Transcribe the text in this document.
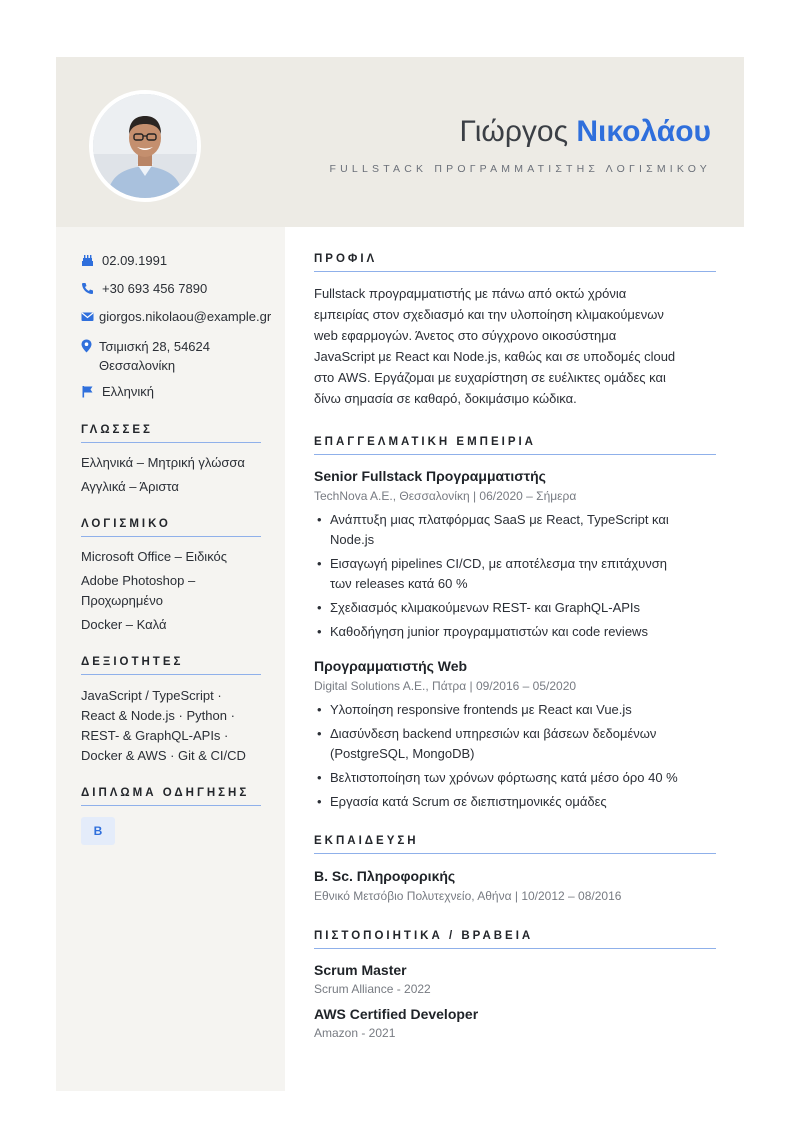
Γιώργος Νικολάου
FULLSTACK ΠΡΟΓΡΑΜΜΑΤΙΣΤΗΣ ΛΟΓΙΣΜΙΚΟΥ
02.09.1991
+30 693 456 7890
giorgos.nikolaou@example.gr
Τσιμισκή 28, 54624
Θεσσαλονίκη
Ελληνική
ΓΛΩΣΣΕΣ
Ελληνικά – Μητρική γλώσσα
Αγγλικά – Άριστα
ΛΟΓΙΣΜΙΚΟ
Microsoft Office – Ειδικός
Adobe Photoshop –
Προχωρημένο
Docker – Καλά
ΔΕΞΙΟΤΗΤΕΣ
JavaScript / TypeScript ·
React & Node.js · Python ·
REST- & GraphQL-APIs ·
Docker & AWS · Git & CI/CD
ΔΙΠΛΩΜΑ ΟΔΗΓΗΣΗΣ
B
ΠΡΟΦΙΛ
Fullstack προγραμματιστής με πάνω από οκτώ χρόνια
εμπειρίας στον σχεδιασμό και την υλοποίηση κλιμακούμενων
web εφαρμογών. Άνετος στο σύγχρονο οικοσύστημα
JavaScript με React και Node.js, καθώς και σε υποδομές cloud
στο AWS. Εργάζομαι με ευχαρίστηση σε ευέλικτες ομάδες και
δίνω σημασία σε καθαρό, δοκιμάσιμο κώδικα.
ΕΠΑΓΓΕΛΜΑΤΙΚΗ ΕΜΠΕΙΡΙΑ
Senior Fullstack Προγραμματιστής
TechNova A.E., Θεσσαλονίκη | 06/2020 – Σήμερα
• Ανάπτυξη μιας πλατφόρμας SaaS με React, TypeScript και
Node.js
• Εισαγωγή pipelines CI/CD, με αποτέλεσμα την επιτάχυνση
των releases κατά 60 %
• Σχεδιασμός κλιμακούμενων REST- και GraphQL-APIs
• Καθοδήγηση junior προγραμματιστών και code reviews
Προγραμματιστής Web
Digital Solutions A.E., Πάτρα | 09/2016 – 05/2020
• Υλοποίηση responsive frontends με React και Vue.js
• Διασύνδεση backend υπηρεσιών και βάσεων δεδομένων
(PostgreSQL, MongoDB)
• Βελτιστοποίηση των χρόνων φόρτωσης κατά μέσο όρο 40 %
• Εργασία κατά Scrum σε διεπιστημονικές ομάδες
ΕΚΠΑΙΔΕΥΣΗ
B. Sc. Πληροφορικής
Εθνικό Μετσόβιο Πολυτεχνείο, Αθήνα | 10/2012 – 08/2016
ΠΙΣΤΟΠΟΙΗΤΙΚΑ / ΒΡΑΒΕΙΑ
Scrum Master
Scrum Alliance - 2022
AWS Certified Developer
Amazon - 2021
